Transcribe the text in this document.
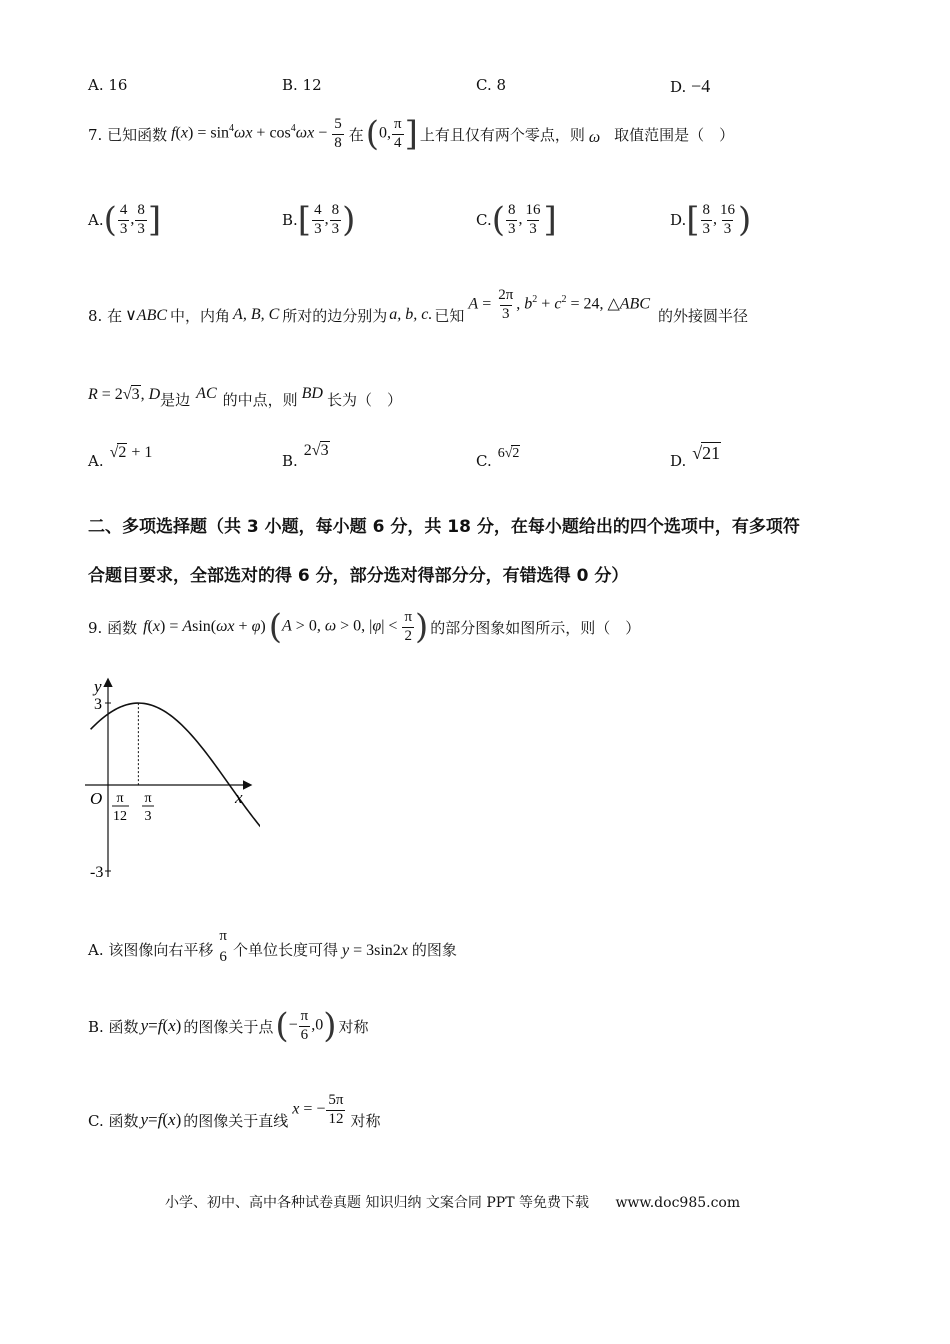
A. 16	B. 12	C. 8	D. −4
7. 已知函数 $f(x) = \sin^4\omega x + \cos^4\omega x - \frac{5}{8}$ 在 (0, $\frac{\pi}{4}$ ] 上有且仅有两个零点，则 ω 取值范围是（　）
A. ( $\frac{4}{3}$ , $\frac{8}{3}$ ]	B. [ $\frac{4}{3}$ , $\frac{8}{3}$ )	C. ( $\frac{8}{3}$ , $\frac{16}{3}$ ]	D. [ $\frac{8}{3}$ , $\frac{16}{3}$ )
8. 在 ∨ABC 中，内角 A, B, C 所对的边分别为 a, b, c. 已知
$A = \frac{2\pi}{3}$ , $b^2 + c^2 = 24$, △ABC
的外接圆半径
R = 2√3, D 是边 AC 的中点，则 BD 长为（　）
A. √2 + 1	B.
2√3
C. 6√2	D. √21
二、多项选择题（共 3 小题，每小题 6 分，共 18 分，在每小题给出的四个选项中，有多项符
合题目要求，全部选对的得 6 分，部分选对得部分分，有错选得 0 分）
9. 函数 f(x) = Asin(ωx + φ) (A > 0, ω > 0, $|\varphi| < \frac{\pi}{2}$ ) 的部分图象如图所示，则（　）
y
x
O
3
-3
π
12
π
3
A. 该图像向右平移
π
6 个单位长度可得 y = 3sin2x 的图象
B. 函数 y=f(x) 的图像关于点 (− $\frac{\pi}{6} ,0$) 对称
C. 函数 y=f(x) 的图像关于直线
x = − $\frac{5\pi}{12}$ 对称
小学、初中、高中各种试卷真题 知识归纳 文案合同 PPT 等免费下载 www.doc985.com
